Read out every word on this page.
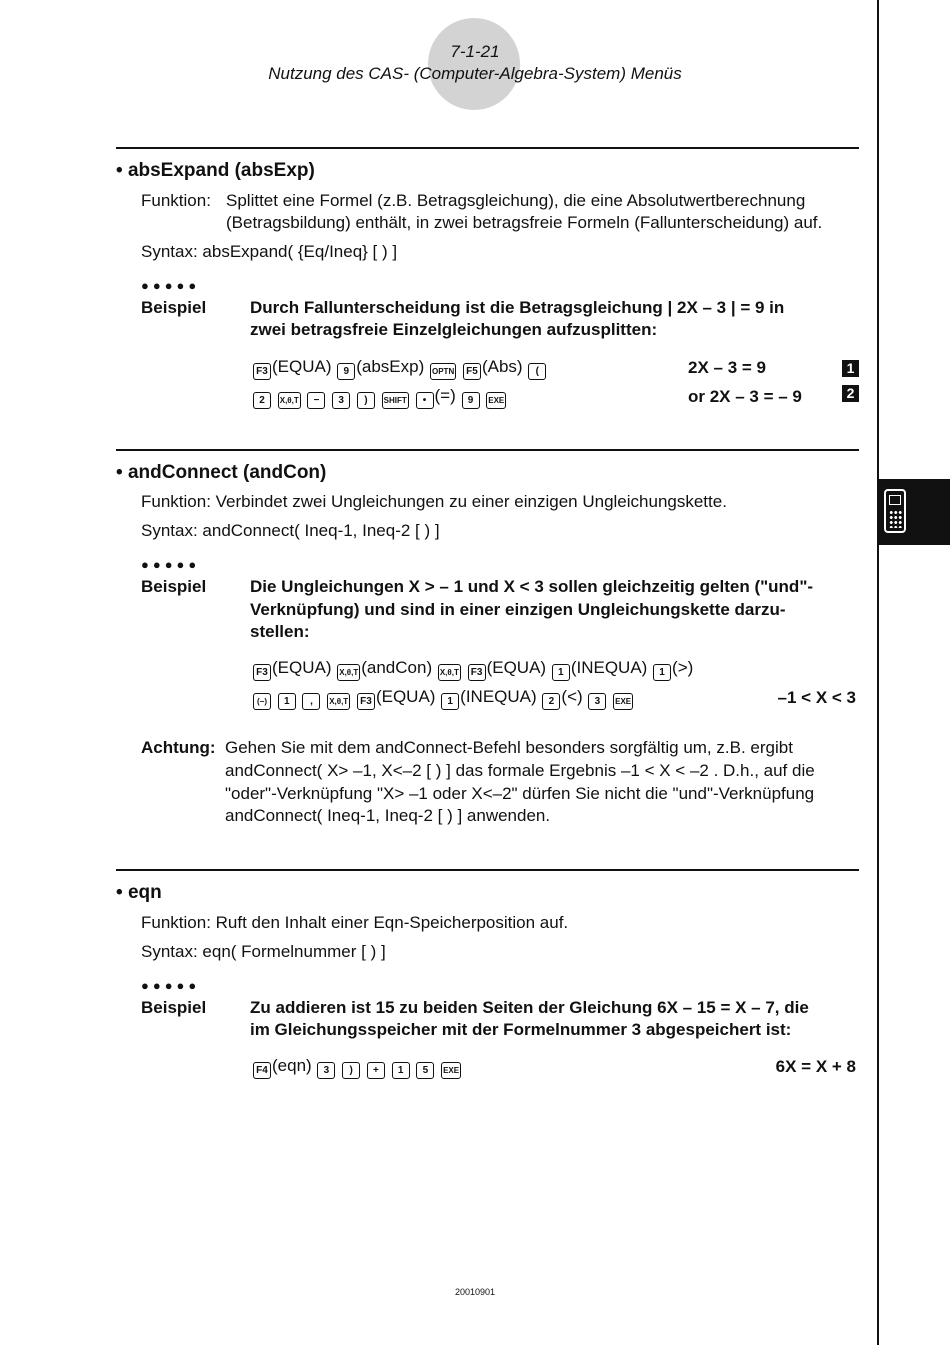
7-1-21
Nutzung des CAS- (Computer-Algebra-System) Menüs
• absExpand (absExp)
Funktion: Splittet eine Formel (z.B. Betragsgleichung), die eine Absolutwertberechnung
(Betragsbildung) enthält, in zwei betragsfreie Formeln (Fallunterscheidung) auf.
Syntax: absExpand( {Eq/Ineq} [ ) ]
●●●●●
Beispiel	Durch Fallunterscheidung ist die Betragsgleichung | 2X – 3 | = 9 in
zwei betragsfreie Einzelgleichungen aufzusplitten:
F3 (EQUA) 9 (absExp) OPTN F5 (Abs) (
2 X,θ,T − 3 ) SHIFT • (=) 9 EXE
2X – 3 = 9
or 2X – 3 = – 9
1
2
• andConnect (andCon)
Funktion: Verbindet zwei Ungleichungen zu einer einzigen Ungleichungskette.
Syntax: andConnect( Ineq-1, Ineq-2 [ ) ]
●●●●●
Beispiel	Die Ungleichungen X > – 1 und X < 3 sollen gleichzeitig gelten ("und"-
Verknüpfung) und sind in einer einzigen Ungleichungskette darzu-
stellen:
F3 (EQUA) X,θ,T (andCon) X,θ,T F3 (EQUA) 1 (INEQUA) 1 (>)
(−) 1 , X,θ,T F3 (EQUA) 1 (INEQUA) 2 (<) 3 EXE	–1 < X < 3
Achtung: Gehen Sie mit dem andConnect-Befehl besonders sorgfältig um, z.B. ergibt
andConnect( X> –1, X<–2 [ ) ] das formale Ergebnis –1 < X < –2 . D.h., auf die
"oder"-Verknüpfung "X> –1 oder X<–2" dürfen Sie nicht die "und"-Verknüpfung
andConnect( Ineq-1, Ineq-2 [ ) ] anwenden.
• eqn
Funktion: Ruft den Inhalt einer Eqn-Speicherposition auf.
Syntax: eqn( Formelnummer [ ) ]
●●●●●
Beispiel	Zu addieren ist 15 zu beiden Seiten der Gleichung 6X – 15 = X – 7, die
im Gleichungsspeicher mit der Formelnummer 3 abgespeichert ist:
F4 (eqn) 3 ) + 1 5 EXE	6X = X + 8
20010901
